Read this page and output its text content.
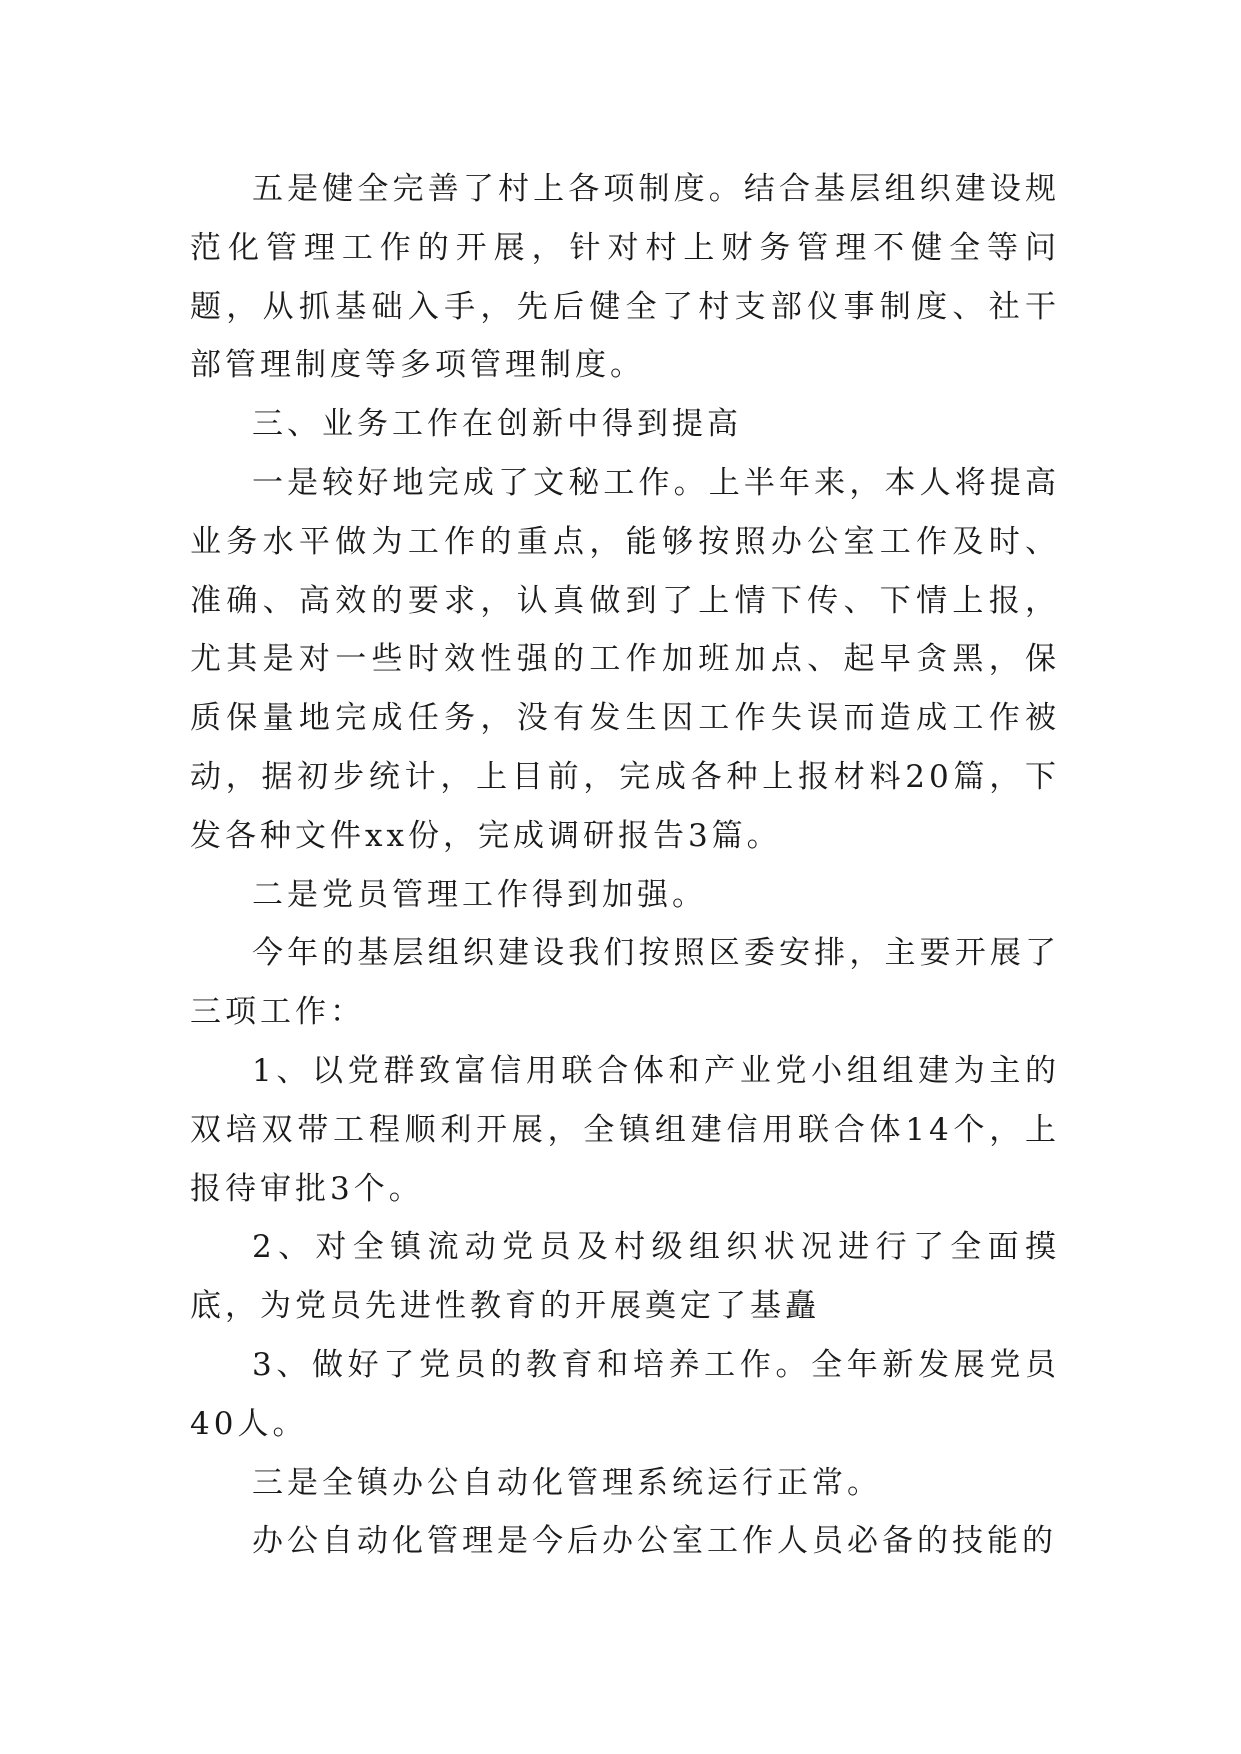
五是健全完善了村上各项制度。结合基层组织建设规范化管理工作的开展，针对村上财务管理不健全等问题，从抓基础入手，先后健全了村支部仪事制度、社干部管理制度等多项管理制度。

三、业务工作在创新中得到提高

一是较好地完成了文秘工作。上半年来，本人将提高业务水平做为工作的重点，能够按照办公室工作及时、准确、高效的要求，认真做到了上情下传、下情上报，尤其是对一些时效性强的工作加班加点、起早贪黑，保质保量地完成任务，没有发生因工作失误而造成工作被动，据初步统计，上目前，完成各种上报材料20篇，下发各种文件xx份，完成调研报告3篇。

二是党员管理工作得到加强。

今年的基层组织建设我们按照区委安排，主要开展了三项工作：

1、以党群致富信用联合体和产业党小组组建为主的双培双带工程顺利开展，全镇组建信用联合体14个，上报待审批3个。

2、对全镇流动党员及村级组织状况进行了全面摸底，为党员先进性教育的开展奠定了基矗

3、做好了党员的教育和培养工作。全年新发展党员40人。

三是全镇办公自动化管理系统运行正常。

办公自动化管理是今后办公室工作人员必备的技能的
